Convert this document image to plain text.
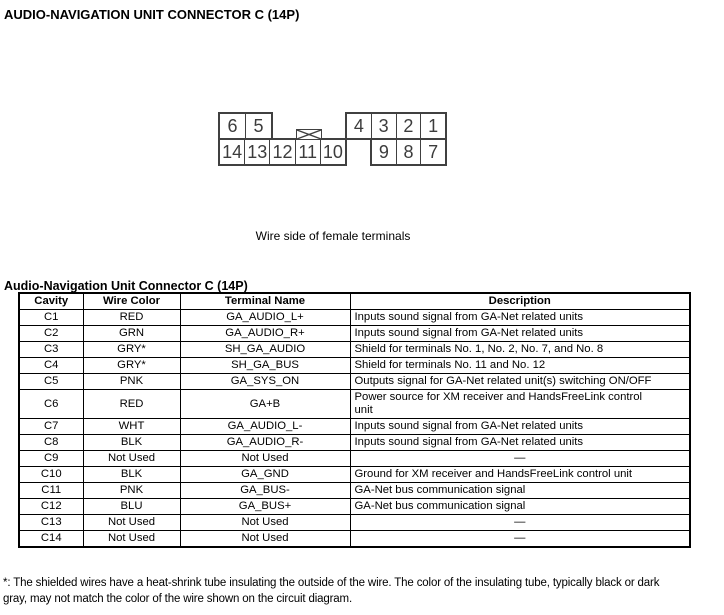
AUDIO-NAVIGATION UNIT CONNECTOR C (14P)
6 5	4 3 2 1
14 13 12 11 10	9 8 7
Wire side of female terminals
Audio-Navigation Unit Connector C (14P)
Cavity	Wire Color	Terminal Name	Description
C1	RED	GA_AUDIO_L+	Inputs sound signal from GA-Net related units
C2	GRN	GA_AUDIO_R+	Inputs sound signal from GA-Net related units
C3	GRY*	SH_GA_AUDIO	Shield for terminals No. 1, No. 2, No. 7, and No. 8
C4	GRY*	SH_GA_BUS	Shield for terminals No. 11 and No. 12
C5	PNK	GA_SYS_ON	Outputs signal for GA-Net related unit(s) switching ON/OFF
C6	RED	GA+B	Power source for XM receiver and HandsFreeLink control
unit
C7	WHT	GA_AUDIO_L-	Inputs sound signal from GA-Net related units
C8	BLK	GA_AUDIO_R-	Inputs sound signal from GA-Net related units
C9	Not Used	Not Used	—
C10	BLK	GA_GND	Ground for XM receiver and HandsFreeLink control unit
C11	PNK	GA_BUS-	GA-Net bus communication signal
C12	BLU	GA_BUS+	GA-Net bus communication signal
C13	Not Used	Not Used	—
C14	Not Used	Not Used	—
*: The shielded wires have a heat-shrink tube insulating the outside of the wire. The color of the insulating tube, typically black or dark
gray, may not match the color of the wire shown on the circuit diagram.
